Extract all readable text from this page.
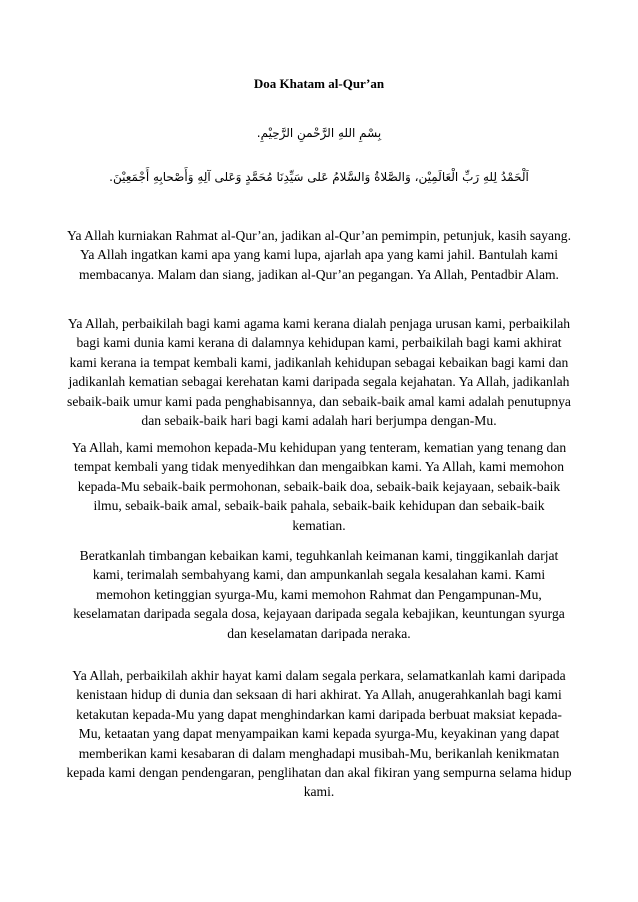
Doa Khatam al-Qur’an
بِسْمِ اللهِ الرَّحْمنِ الرَّحِيْمِ.
اَلْحَمْدُ لِلهِ رَبِّ الْعَالَمِيْن، وَالصَّلاةُ وَالسَّلامُ عَلى سَيِّدِنَا مُحَمَّدٍ وَعَلى آلِهِ وَأَصْحابِهِ أَجْمَعِيْنَ.
Ya Allah kurniakan Rahmat al-Qur’an, jadikan al-Qur’an pemimpin, petunjuk, kasih sayang. Ya Allah ingatkan kami apa yang kami lupa, ajarlah apa yang kami jahil. Bantulah kami membacanya. Malam dan siang, jadikan al-Qur’an pegangan. Ya Allah, Pentadbir Alam.
Ya Allah, perbaikilah bagi kami agama kami kerana dialah penjaga urusan kami, perbaikilah bagi kami dunia kami kerana di dalamnya kehidupan kami, perbaikilah bagi kami akhirat kami kerana ia tempat kembali kami, jadikanlah kehidupan sebagai kebaikan bagi kami dan jadikanlah kematian sebagai kerehatan kami daripada segala kejahatan. Ya Allah, jadikanlah sebaik-baik umur kami pada penghabisannya, dan sebaik-baik amal kami adalah penutupnya dan sebaik-baik hari bagi kami adalah hari berjumpa dengan-Mu.
Ya Allah, kami memohon kepada-Mu kehidupan yang tenteram, kematian yang tenang dan tempat kembali yang tidak menyedihkan dan mengaibkan kami. Ya Allah, kami memohon kepada-Mu sebaik-baik permohonan, sebaik-baik doa, sebaik-baik kejayaan, sebaik-baik ilmu, sebaik-baik amal, sebaik-baik pahala, sebaik-baik kehidupan dan sebaik-baik kematian.
Beratkanlah timbangan kebaikan kami, teguhkanlah keimanan kami, tinggikanlah darjat kami, terimalah sembahyang kami, dan ampunkanlah segala kesalahan kami. Kami memohon ketinggian syurga-Mu, kami memohon Rahmat dan Pengampunan-Mu, keselamatan daripada segala dosa, kejayaan daripada segala kebajikan, keuntungan syurga dan keselamatan daripada neraka.
Ya Allah, perbaikilah akhir hayat kami dalam segala perkara, selamatkanlah kami daripada kenistaan hidup di dunia dan seksaan di hari akhirat. Ya Allah, anugerahkanlah bagi kami ketakutan kepada-Mu yang dapat menghindarkan kami daripada berbuat maksiat kepada-Mu, ketaatan yang dapat menyampaikan kami kepada syurga-Mu, keyakinan yang dapat memberikan kami kesabaran di dalam menghadapi musibah-Mu, berikanlah kenikmatan kepada kami dengan pendengaran, penglihatan dan akal fikiran yang sempurna selama hidup kami.
